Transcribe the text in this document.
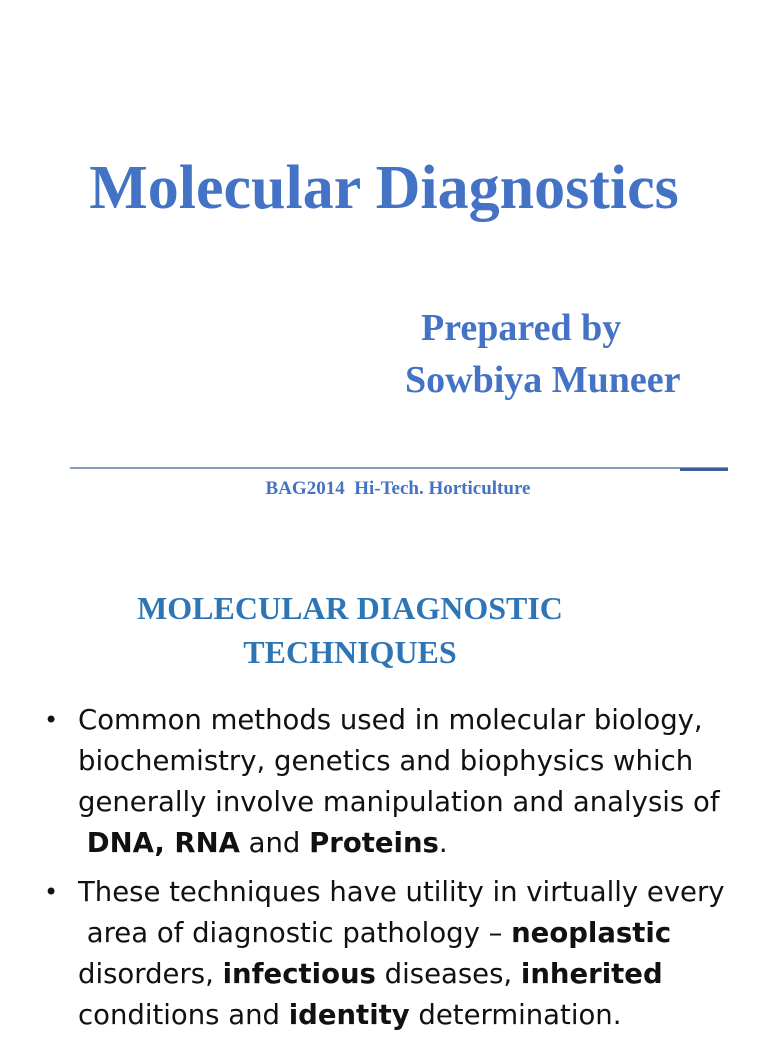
Molecular Diagnostics
Prepared by
Sowbiya Muneer
BAG2014  Hi-Tech. Horticulture
MOLECULAR DIAGNOSTIC
TECHNIQUES
• Common methods used in molecular biology,
biochemistry, genetics and biophysics which
generally involve manipulation and analysis of
DNA, RNA and Proteins.
• These techniques have utility in virtually every
area of diagnostic pathology – neoplastic
disorders, infectious diseases, inherited
conditions and identity determination.
